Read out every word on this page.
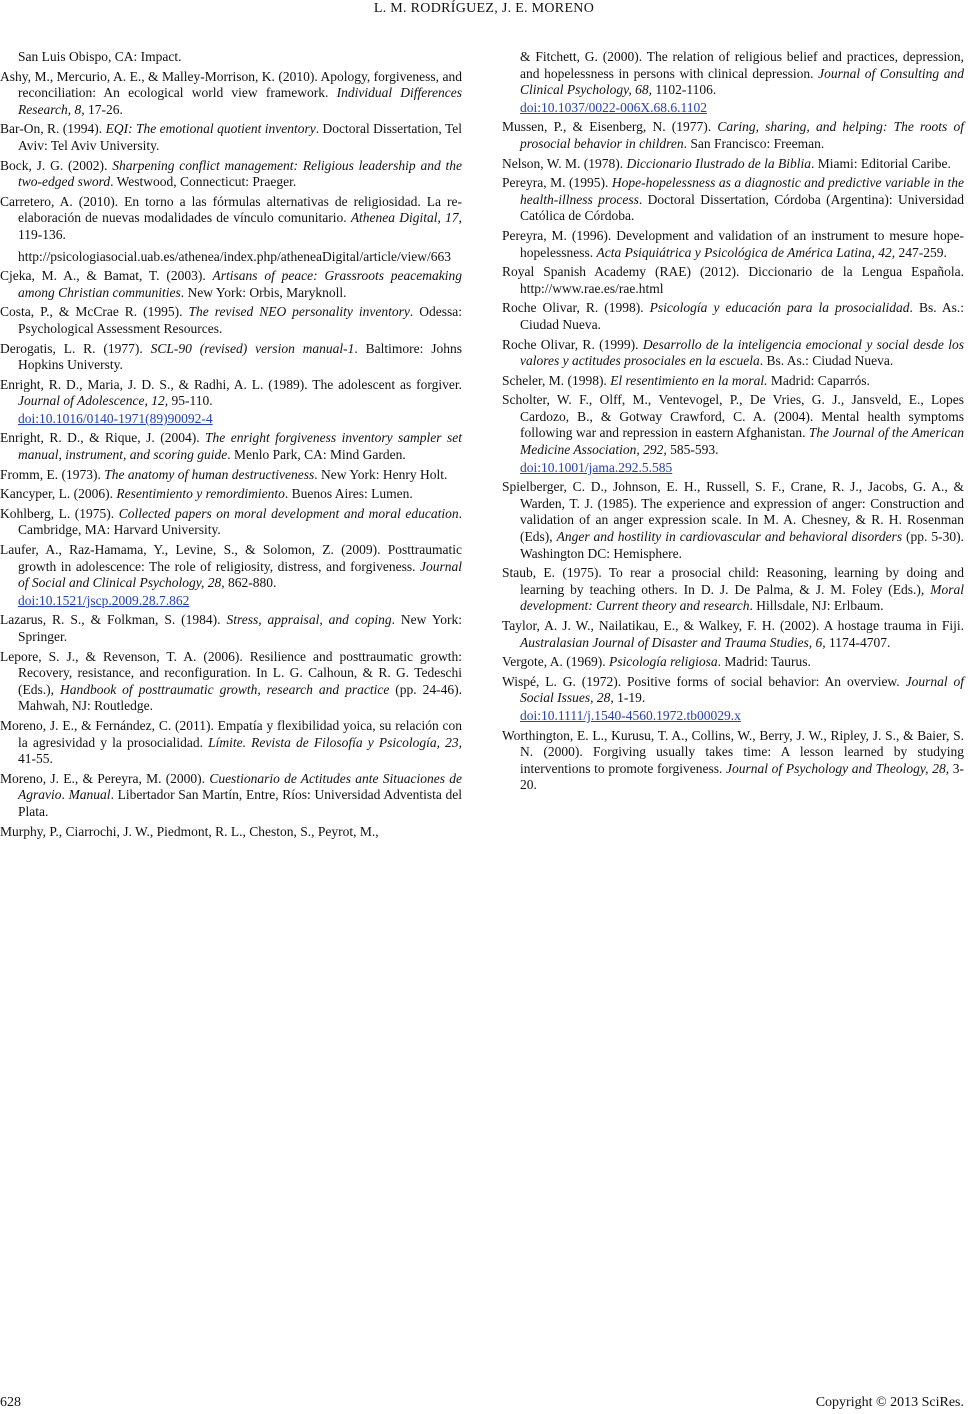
L. M. RODRÍGUEZ, J. E. MORENO

San Luis Obispo, CA: Impact.

Ashy, M., Mercurio, A. E., & Malley-Morrison, K. (2010). Apology, forgiveness, and reconciliation: An ecological world view framework. Individual Differences Research, 8, 17-26.

Bar-On, R. (1994). EQI: The emotional quotient inventory. Doctoral Dissertation, Tel Aviv: Tel Aviv University.

Bock, J. G. (2002). Sharpening conflict management: Religious leadership and the two-edged sword. Westwood, Connecticut: Praeger.

Carretero, A. (2010). En torno a las fórmulas alternativas de religiosidad. La re-elaboración de nuevas modalidades de vínculo comunitario. Athenea Digital, 17, 119-136.
http://psicologiasocial.uab.es/athenea/index.php/atheneaDigital/article/view/663

Cjeka, M. A., & Bamat, T. (2003). Artisans of peace: Grassroots peacemaking among Christian communities. New York: Orbis, Maryknoll.

Costa, P., & McCrae R. (1995). The revised NEO personality inventory. Odessa: Psychological Assessment Resources.

Derogatis, L. R. (1977). SCL-90 (revised) version manual-1. Baltimore: Johns Hopkins Universty.

Enright, R. D., Maria, J. D. S., & Radhi, A. L. (1989). The adolescent as forgiver. Journal of Adolescence, 12, 95-110.
doi:10.1016/0140-1971(89)90092-4

Enright, R. D., & Rique, J. (2004). The enright forgiveness inventory sampler set manual, instrument, and scoring guide. Menlo Park, CA: Mind Garden.

Fromm, E. (1973). The anatomy of human destructiveness. New York: Henry Holt.

Kancyper, L. (2006). Resentimiento y remordimiento. Buenos Aires: Lumen.

Kohlberg, L. (1975). Collected papers on moral development and moral education. Cambridge, MA: Harvard University.

Laufer, A., Raz-Hamama, Y., Levine, S., & Solomon, Z. (2009). Posttraumatic growth in adolescence: The role of religiosity, distress, and forgiveness. Journal of Social and Clinical Psychology, 28, 862-880.
doi:10.1521/jscp.2009.28.7.862

Lazarus, R. S., & Folkman, S. (1984). Stress, appraisal, and coping. New York: Springer.

Lepore, S. J., & Revenson, T. A. (2006). Resilience and posttraumatic growth: Recovery, resistance, and reconfiguration. In L. G. Calhoun, & R. G. Tedeschi (Eds.), Handbook of posttraumatic growth, research and practice (pp. 24-46). Mahwah, NJ: Routledge.

Moreno, J. E., & Fernández, C. (2011). Empatía y flexibilidad yoica, su relación con la agresividad y la prosocialidad. Límite. Revista de Filosofía y Psicología, 23, 41-55.

Moreno, J. E., & Pereyra, M. (2000). Cuestionario de Actitudes ante Situaciones de Agravio. Manual. Libertador San Martín, Entre, Ríos: Universidad Adventista del Plata.

Murphy, P., Ciarrochi, J. W., Piedmont, R. L., Cheston, S., Peyrot, M.,

& Fitchett, G. (2000). The relation of religious belief and practices, depression, and hopelessness in persons with clinical depression. Journal of Consulting and Clinical Psychology, 68, 1102-1106.
doi:10.1037/0022-006X.68.6.1102

Mussen, P., & Eisenberg, N. (1977). Caring, sharing, and helping: The roots of prosocial behavior in children. San Francisco: Freeman.

Nelson, W. M. (1978). Diccionario Ilustrado de la Biblia. Miami: Editorial Caribe.

Pereyra, M. (1995). Hope-hopelessness as a diagnostic and predictive variable in the health-illness process. Doctoral Dissertation, Córdoba (Argentina): Universidad Católica de Córdoba.

Pereyra, M. (1996). Development and validation of an instrument to mesure hope-hopelessness. Acta Psiquiátrica y Psicológica de América Latina, 42, 247-259.

Royal Spanish Academy (RAE) (2012). Diccionario de la Lengua Española. http://www.rae.es/rae.html

Roche Olivar, R. (1998). Psicología y educación para la prosocialidad. Bs. As.: Ciudad Nueva.

Roche Olivar, R. (1999). Desarrollo de la inteligencia emocional y social desde los valores y actitudes prosociales en la escuela. Bs. As.: Ciudad Nueva.

Scheler, M. (1998). El resentimiento en la moral. Madrid: Caparrós.

Scholter, W. F., Olff, M., Ventevogel, P., De Vries, G. J., Jansveld, E., Lopes Cardozo, B., & Gotway Crawford, C. A. (2004). Mental health symptoms following war and repression in eastern Afghanistan. The Journal of the American Medicine Association, 292, 585-593.
doi:10.1001/jama.292.5.585

Spielberger, C. D., Johnson, E. H., Russell, S. F., Crane, R. J., Jacobs, G. A., & Warden, T. J. (1985). The experience and expression of anger: Construction and validation of an anger expression scale. In M. A. Chesney, & R. H. Rosenman (Eds), Anger and hostility in cardiovascular and behavioral disorders (pp. 5-30). Washington DC: Hemisphere.

Staub, E. (1975). To rear a prosocial child: Reasoning, learning by doing and learning by teaching others. In D. J. De Palma, & J. M. Foley (Eds.), Moral development: Current theory and research. Hillsdale, NJ: Erlbaum.

Taylor, A. J. W., Nailatikau, E., & Walkey, F. H. (2002). A hostage trauma in Fiji. Australasian Journal of Disaster and Trauma Studies, 6, 1174-4707.

Vergote, A. (1969). Psicología religiosa. Madrid: Taurus.

Wispé, L. G. (1972). Positive forms of social behavior: An overview. Journal of Social Issues, 28, 1-19.
doi:10.1111/j.1540-4560.1972.tb00029.x

Worthington, E. L., Kurusu, T. A., Collins, W., Berry, J. W., Ripley, J. S., & Baier, S. N. (2000). Forgiving usually takes time: A lesson learned by studying interventions to promote forgiveness. Journal of Psychology and Theology, 28, 3-20.

628	Copyright © 2013 SciRes.
